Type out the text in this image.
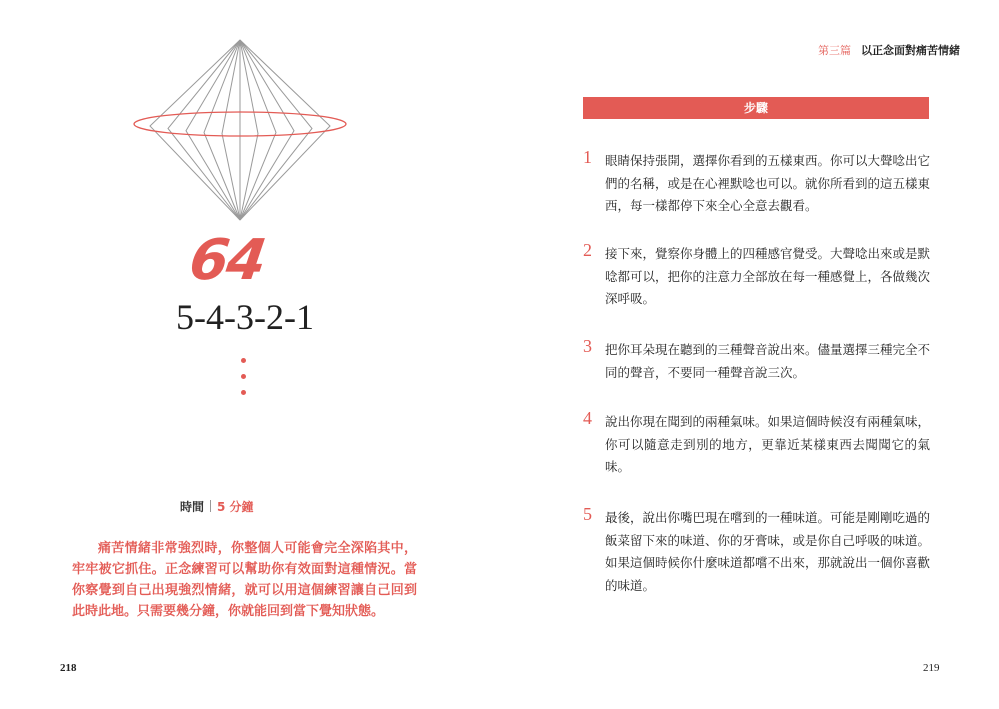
64
5-4-3-2-1
時間 5 分鐘
痛苦情緒非常強烈時，你整個人可能會完全深陷其中，牢牢被它抓住。正念練習可以幫助你有效面對這種情況。當你察覺到自己出現強烈情緒，就可以用這個練習讓自己回到此時此地。只需要幾分鐘，你就能回到當下覺知狀態。
218
第三篇 以正念面對痛苦情緒
步驟
1	眼睛保持張開，選擇你看到的五樣東西。你可以大聲唸出它們的名稱，或是在心裡默唸也可以。就你所看到的這五樣東西，每一樣都停下來全心全意去觀看。
2	接下來，覺察你身體上的四種感官覺受。大聲唸出來或是默唸都可以，把你的注意力全部放在每一種感覺上，各做幾次深呼吸。
3	把你耳朵現在聽到的三種聲音說出來。儘量選擇三種完全不同的聲音，不要同一種聲音說三次。
4	說出你現在聞到的兩種氣味。如果這個時候沒有兩種氣味，你可以隨意走到別的地方，更靠近某樣東西去聞聞它的氣味。
5	最後，說出你嘴巴現在嚐到的一種味道。可能是剛剛吃過的飯菜留下來的味道、你的牙膏味，或是你自己呼吸的味道。如果這個時候你什麼味道都嚐不出來，那就說出一個你喜歡的味道。
219
